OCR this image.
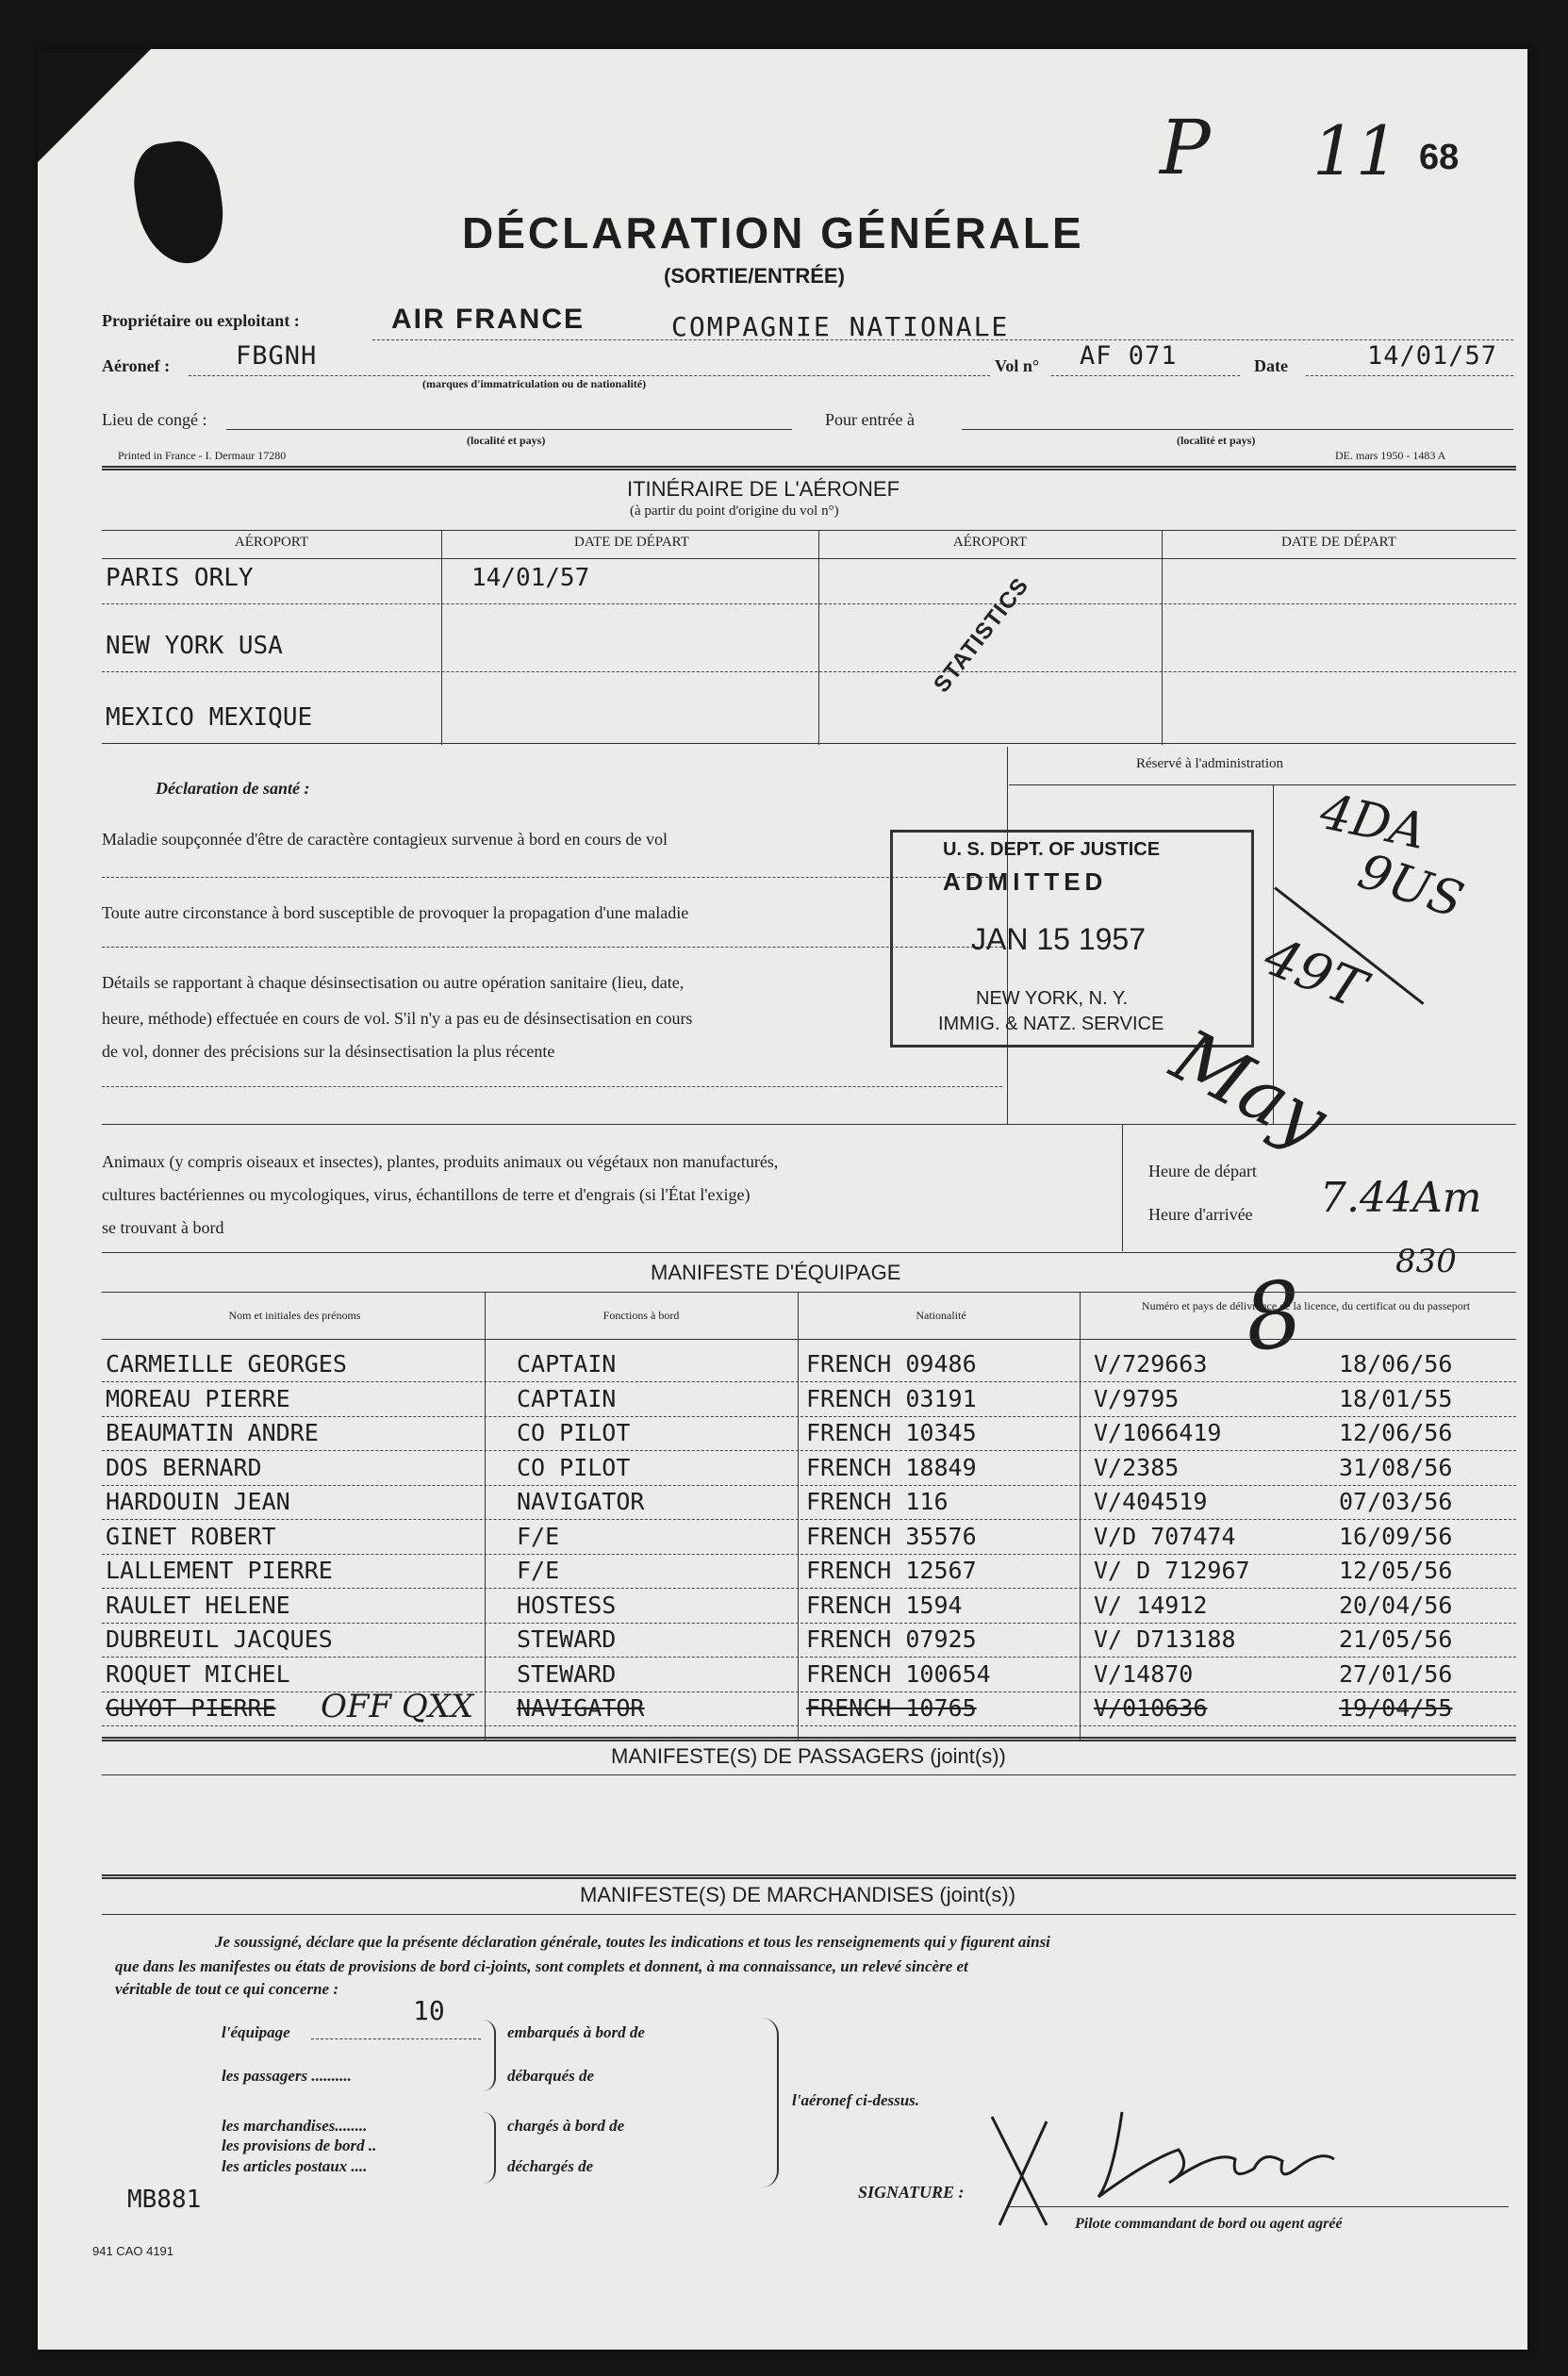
P 11 68
DÉCLARATION GÉNÉRALE
(SORTIE/ENTRÉE)
Propriétaire ou exploitant :	AIR FRANCE	COMPAGNIE NATIONALE
Aéronef :	FBGNH
(marques d'immatriculation ou de nationalité)
Vol n° AF 071	Date	14/01/57
Lieu de congé :
(localité et pays)
Pour entrée à
(localité et pays)
Printed in France - I. Dermaur 17280	DE. mars 1950 - 1483 A
ITINÉRAIRE DE L'AÉRONEF
(à partir du point d'origine du vol n°)
AÉROPORT	DATE DE DÉPART	AÉROPORT	DATE DE DÉPART
PARIS ORLY	14/01/57
NEW YORK USA
MEXICO MEXIQUE
STATISTICS
Réservé à l'administration
Déclaration de santé :
Maladie soupçonnée d'être de caractère contagieux survenue à bord en cours de vol
Toute autre circonstance à bord susceptible de provoquer la propagation d'une maladie
Détails se rapportant à chaque désinsectisation ou autre opération sanitaire (lieu, date,
heure, méthode) effectuée en cours de vol. S'il n'y a pas eu de désinsectisation en cours
de vol, donner des précisions sur la désinsectisation la plus récente
U. S. DEPT. OF JUSTICE
ADMITTED
JAN 15 1957
NEW YORK, N. Y.
IMMIG. & NATZ. SERVICE
4DA
9US
49T
May
Animaux (y compris oiseaux et insectes), plantes, produits animaux ou végétaux non manufacturés,
cultures bactériennes ou mycologiques, virus, échantillons de terre et d'engrais (si l'État l'exige)
se trouvant à bord
Heure de départ
Heure d'arrivée 7.44Am
830
8
MANIFESTE D'ÉQUIPAGE
Nom et initiales des prénoms	Fonctions à bord	Nationalité
Numéro et pays de délivrance de la licence, du certificat ou du passeport
CARMEILLE GEORGES	CAPTAIN	FRENCH 09486	V/729663	18/06/56
MOREAU PIERRE	CAPTAIN	FRENCH 03191	V/9795	18/01/55
BEAUMATIN ANDRE	CO PILOT	FRENCH 10345	V/1066419	12/06/56
DOS BERNARD	CO PILOT	FRENCH 18849	V/2385	31/08/56
HARDOUIN JEAN	NAVIGATOR	FRENCH 116	V/404519	07/03/56
GINET ROBERT	F/E	FRENCH 35576	V/D 707474	16/09/56
LALLEMENT PIERRE	F/E	FRENCH 12567	V/ D 712967	12/05/56
RAULET HELENE	HOSTESS	FRENCH 1594	V/ 14912	20/04/56
DUBREUIL JACQUES	STEWARD	FRENCH 07925	V/ D713188	21/05/56
ROQUET MICHEL	STEWARD	FRENCH 100654	V/14870	27/01/56
GUYOT PIERRE	NAVIGATOR	FRENCH 10765	V/010636	19/04/55
OFF QXX
MANIFESTE(S) DE PASSAGERS (joint(s))
MANIFESTE(S) DE MARCHANDISES (joint(s))
Je soussigné, déclare que la présente déclaration générale, toutes les indications et tous les renseignements qui y figurent ainsi
que dans les manifestes ou états de provisions de bord ci-joints, sont complets et donnent, à ma connaissance, un relevé sincère et
véritable de tout ce qui concerne :
l'équipage
10
les passagers ..........
embarqués à bord de
débarqués de
les marchandises........
les provisions de bord ..
les articles postaux ....
chargés à bord de
déchargés de
l'aéronef ci-dessus.
SIGNATURE :
Pilote commandant de bord ou agent agréé
MB881
941 CAO 4191
